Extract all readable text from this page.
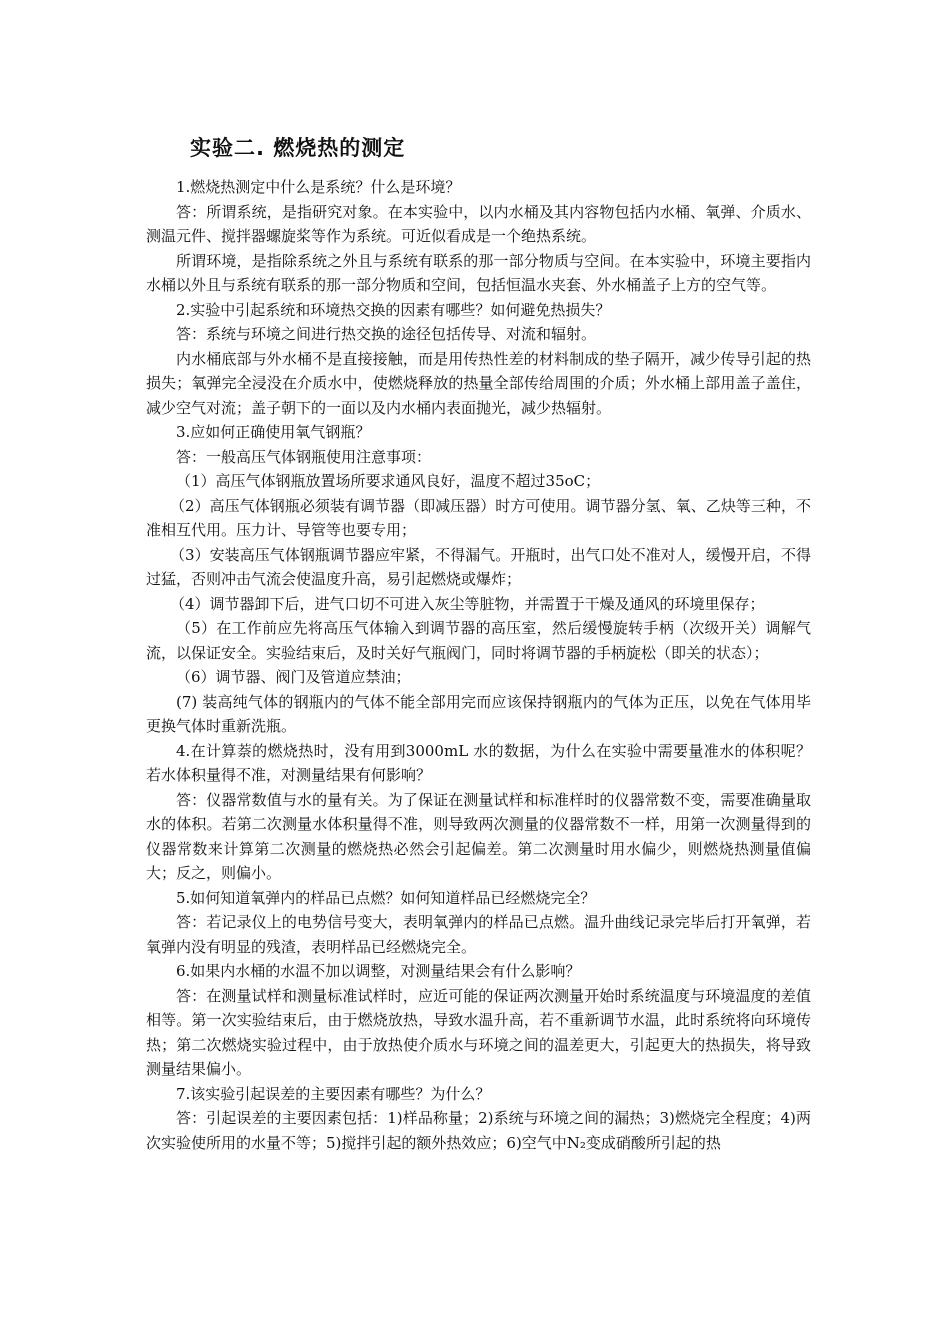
实验二. 燃烧热的测定

1.燃烧热测定中什么是系统？什么是环境？

答：所谓系统，是指研究对象。在本实验中，以内水桶及其内容物包括内水桶、氧弹、介质水、测温元件、搅拌器螺旋桨等作为系统。可近似看成是一个绝热系统。

所谓环境，是指除系统之外且与系统有联系的那一部分物质与空间。在本实验中，环境主要指内水桶以外且与系统有联系的那一部分物质和空间，包括恒温水夹套、外水桶盖子上方的空气等。

2.实验中引起系统和环境热交换的因素有哪些？如何避免热损失？

答：系统与环境之间进行热交换的途径包括传导、对流和辐射。

内水桶底部与外水桶不是直接接触，而是用传热性差的材料制成的垫子隔开，减少传导引起的热损失；氧弹完全浸没在介质水中，使燃烧释放的热量全部传给周围的介质；外水桶上部用盖子盖住，减少空气对流；盖子朝下的一面以及内水桶内表面抛光，减少热辐射。

3.应如何正确使用氧气钢瓶？

答：一般高压气体钢瓶使用注意事项：

（1）高压气体钢瓶放置场所要求通风良好，温度不超过35oC；

（2）高压气体钢瓶必须装有调节器（即减压器）时方可使用。调节器分氢、氧、乙炔等三种，不准相互代用。压力计、导管等也要专用；

（3）安装高压气体钢瓶调节器应牢紧，不得漏气。开瓶时，出气口处不准对人，缓慢开启，不得过猛，否则冲击气流会使温度升高，易引起燃烧或爆炸；

（4）调节器卸下后，进气口切不可进入灰尘等脏物，并需置于干燥及通风的环境里保存；

（5）在工作前应先将高压气体输入到调节器的高压室，然后缓慢旋转手柄（次级开关）调解气流，以保证安全。实验结束后，及时关好气瓶阀门，同时将调节器的手柄旋松（即关的状态）；

（6）调节器、阀门及管道应禁油；

(7) 装高纯气体的钢瓶内的气体不能全部用完而应该保持钢瓶内的气体为正压，以免在气体用毕更换气体时重新洗瓶。

4.在计算萘的燃烧热时，没有用到3000mL 水的数据，为什么在实验中需要量准水的体积呢？若水体积量得不准，对测量结果有何影响？

答：仪器常数值与水的量有关。为了保证在测量试样和标准样时的仪器常数不变，需要准确量取水的体积。若第二次测量水体积量得不准，则导致两次测量的仪器常数不一样，用第一次测量得到的仪器常数来计算第二次测量的燃烧热必然会引起偏差。第二次测量时用水偏少，则燃烧热测量值偏大；反之，则偏小。

5.如何知道氧弹内的样品已点燃？如何知道样品已经燃烧完全？

答：若记录仪上的电势信号变大，表明氧弹内的样品已点燃。温升曲线记录完毕后打开氧弹，若氧弹内没有明显的残渣，表明样品已经燃烧完全。

6.如果内水桶的水温不加以调整，对测量结果会有什么影响？

答：在测量试样和测量标准试样时，应近可能的保证两次测量开始时系统温度与环境温度的差值相等。第一次实验结束后，由于燃烧放热，导致水温升高，若不重新调节水温，此时系统将向环境传热；第二次燃烧实验过程中，由于放热使介质水与环境之间的温差更大，引起更大的热损失，将导致测量结果偏小。

7.该实验引起误差的主要因素有哪些？为什么？

答：引起误差的主要因素包括：1)样品称量；2)系统与环境之间的漏热；3)燃烧完全程度；4)两次实验使所用的水量不等；5)搅拌引起的额外热效应；6)空气中N₂变成硝酸所引起的热
